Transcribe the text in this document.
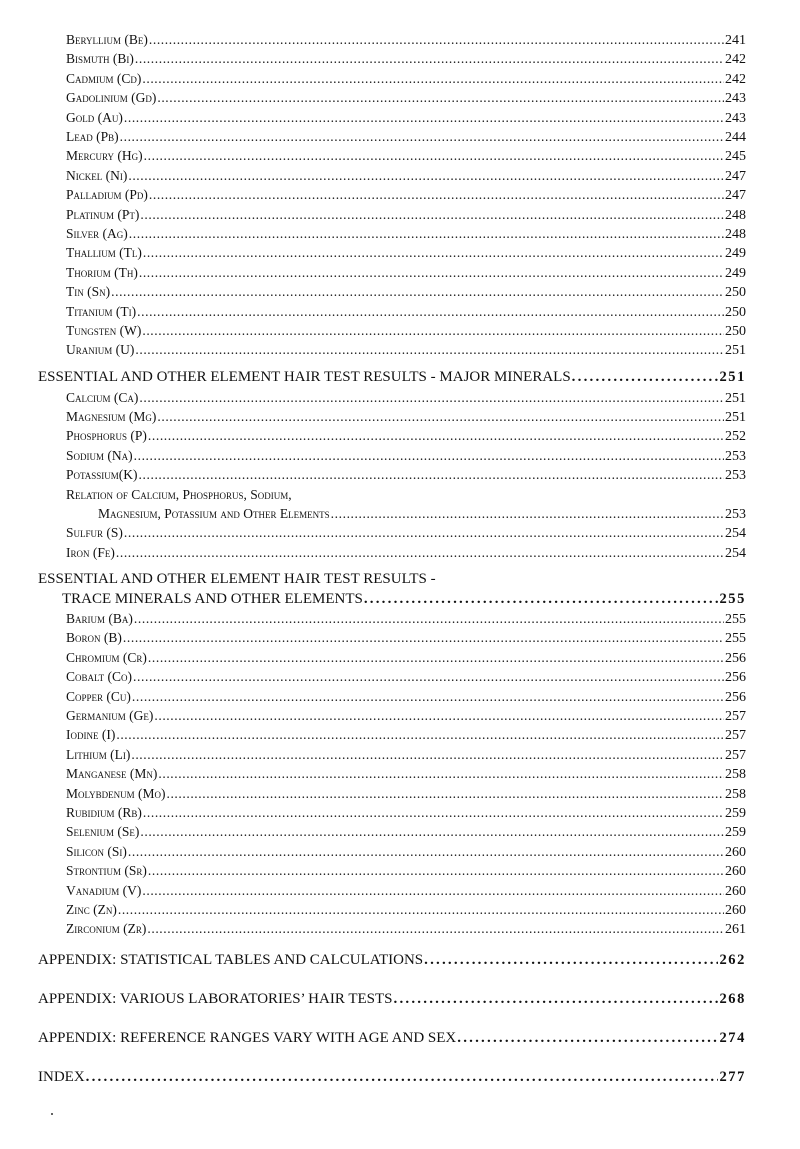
Beryllium (Be) .....	241
Bismuth (Bi) .....	242
Cadmium (Cd) .....	242
Gadolinium (Gd) .....	243
Gold (Au) .....	243
Lead (Pb) .....	244
Mercury (Hg) .....	245
Nickel (Ni) .....	247
Palladium (Pd) .....	247
Platinum (Pt) .....	248
Silver (Ag) .....	248
Thallium (Tl) .....	249
Thorium (Th) .....	249
Tin (Sn) .....	250
Titanium (Ti) .....	250
Tungsten (W) .....	250
Uranium (U) .....	251
ESSENTIAL AND OTHER ELEMENT HAIR TEST RESULTS - MAJOR MINERALS .....	251
Calcium (Ca) .....	251
Magnesium (Mg) .....	251
Phosphorus (P) .....	252
Sodium (Na) .....	253
Potassium(K) .....	253
Relation of Calcium, Phosphorus, Sodium,
Magnesium, Potassium and Other Elements .....	253
Sulfur (S) .....	254
Iron (Fe) .....	254
ESSENTIAL AND OTHER ELEMENT HAIR TEST RESULTS -
TRACE MINERALS AND OTHER ELEMENTS .....	255
Barium (Ba) .....	255
Boron (B) .....	255
Chromium (Cr) .....	256
Cobalt (Co) .....	256
Copper (Cu) .....	256
Germanium (Ge) .....	257
Iodine (I) .....	257
Lithium (Li) .....	257
Manganese (Mn) .....	258
Molybdenum (Mo) .....	258
Rubidium (Rb) .....	259
Selenium (Se) .....	259
Silicon (Si) .....	260
Strontium (Sr) .....	260
Vanadium (V) .....	260
Zinc (Zn) .....	260
Zirconium (Zr) .....	261
APPENDIX: STATISTICAL TABLES AND CALCULATIONS .....	262
APPENDIX: VARIOUS LABORATORIES’ HAIR TESTS .....	268
APPENDIX: REFERENCE RANGES VARY WITH AGE AND SEX .....	274
INDEX .....	277
